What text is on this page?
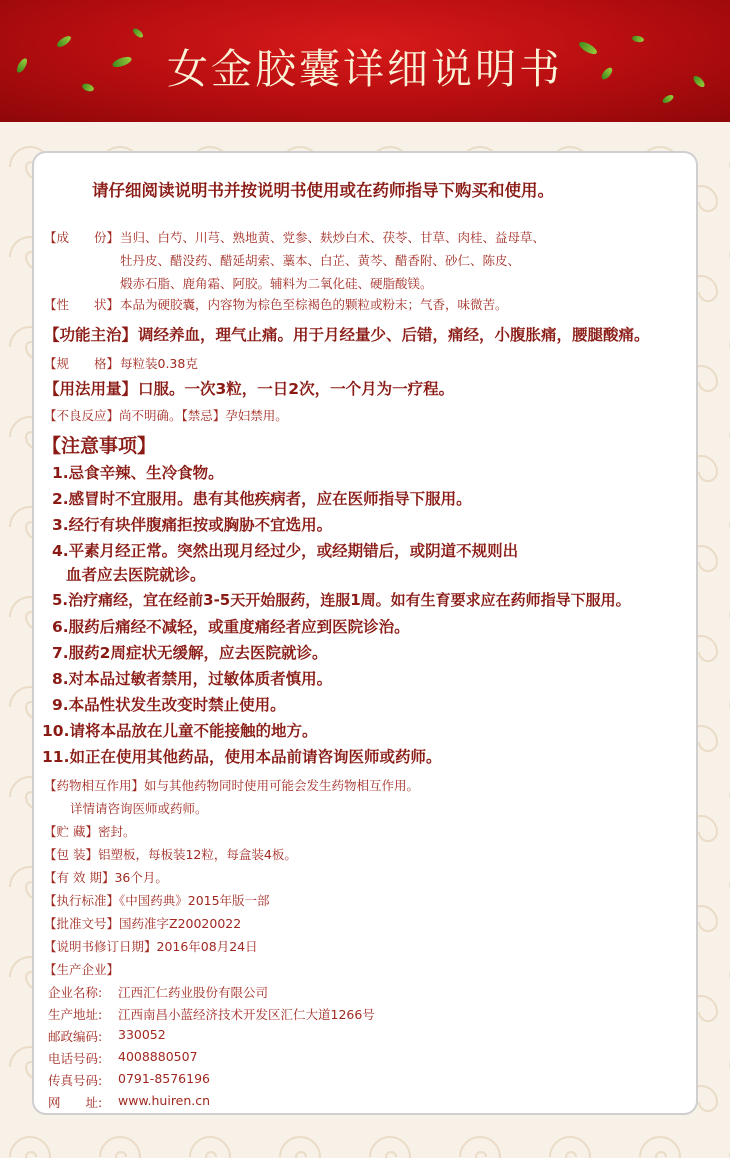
女金胶囊详细说明书
请仔细阅读说明书并按说明书使用或在药师指导下购买和使用。
【成　　份】 当归、白芍、川芎、熟地黄、党参、麸炒白术、茯苓、甘草、肉桂、益母草、
牡丹皮、醋没药、醋延胡索、藁本、白芷、黄芩、醋香附、砂仁、陈皮、
煅赤石脂、鹿角霜、阿胶。辅料为二氧化硅、硬脂酸镁。
【性　　状】 本品为硬胶囊，内容物为棕色至棕褐色的颗粒或粉末；气香，味微苦。
【功能主治】 调经养血，理气止痛。用于月经量少、后错，痛经，小腹胀痛，腰腿酸痛。
【规　　格】 每粒装0.38克
【用法用量】 口服。一次3粒，一日2次，一个月为一疗程。
【不良反应】尚不明确。【禁忌】孕妇禁用。
【注意事项】
1.忌食辛辣、生冷食物。
2.感冒时不宜服用。患有其他疾病者，应在医师指导下服用。
3.经行有块伴腹痛拒按或胸胁不宜选用。
4.平素月经正常。突然出现月经过少，或经期错后，或阴道不规则出
血者应去医院就诊。
5.治疗痛经，宜在经前3-5天开始服药，连服1周。如有生育要求应在药师指导下服用。
6.服药后痛经不减轻，或重度痛经者应到医院诊治。
7.服药2周症状无缓解，应去医院就诊。
8.对本品过敏者禁用，过敏体质者慎用。
9.本品性状发生改变时禁止使用。
10.请将本品放在儿童不能接触的地方。
11.如正在使用其他药品，使用本品前请咨询医师或药师。
【药物相互作用】如与其他药物同时使用可能会发生药物相互作用。
详情请咨询医师或药师。
【贮 藏】密封。
【包 装】铝塑板，每板装12粒，每盒装4板。
【有 效 期】36个月。
【执行标准】《中国药典》2015年版一部
【批准文号】国药准字Z20020022
【说明书修订日期】2016年08月24日
【生产企业】
企业名称: 江西汇仁药业股份有限公司
生产地址: 江西南昌小蓝经济技术开发区汇仁大道1266号
邮政编码: 330052
电话号码: 4008880507
传真号码: 0791-8576196
网　　址: www.huiren.cn
